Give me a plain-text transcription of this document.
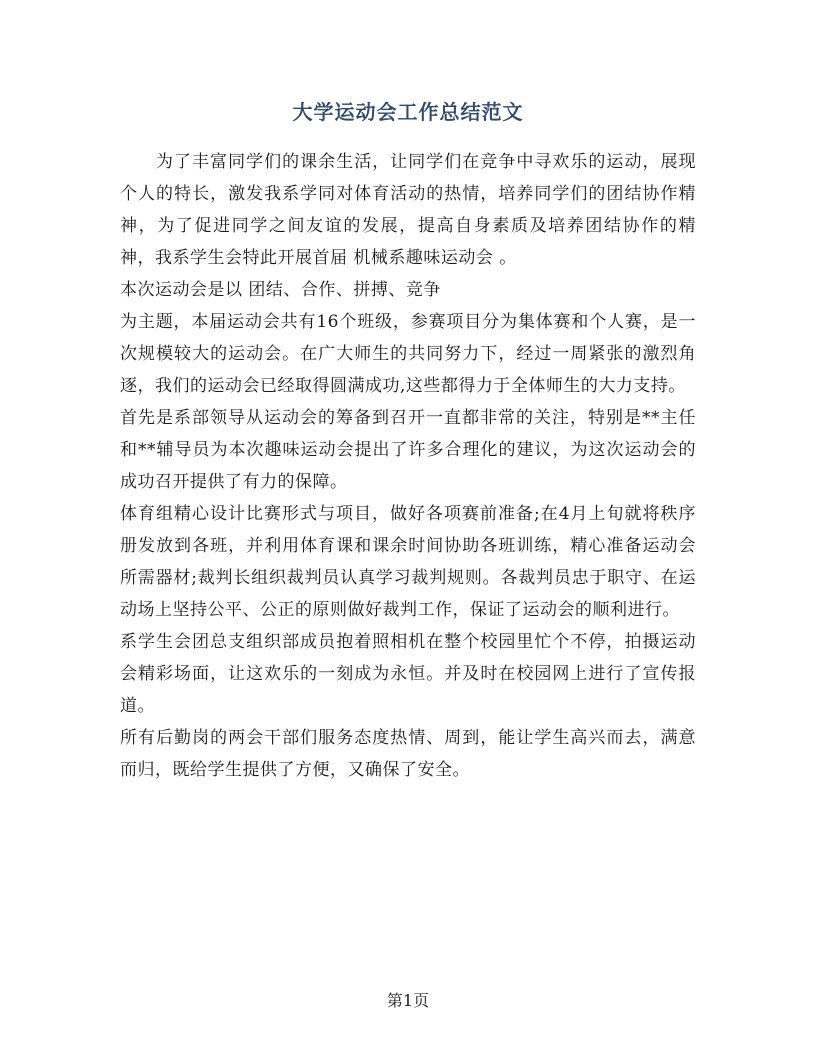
大学运动会工作总结范文

为了丰富同学们的课余生活，让同学们在竞争中寻欢乐的运动，展现个人的特长，激发我系学同对体育活动的热情，培养同学们的团结协作精神，为了促进同学之间友谊的发展，提高自身素质及培养团结协作的精神，我系学生会特此开展首届 机械系趣味运动会 。

本次运动会是以 团结、合作、拼搏、竞争

为主题，本届运动会共有16个班级，参赛项目分为集体赛和个人赛，是一次规模较大的运动会。在广大师生的共同努力下，经过一周紧张的激烈角逐，我们的运动会已经取得圆满成功,这些都得力于全体师生的大力支持。

首先是系部领导从运动会的筹备到召开一直都非常的关注，特别是**主任和**辅导员为本次趣味运动会提出了许多合理化的建议，为这次运动会的成功召开提供了有力的保障。

体育组精心设计比赛形式与项目，做好各项赛前准备;在4月上旬就将秩序册发放到各班，并利用体育课和课余时间协助各班训练，精心准备运动会所需器材;裁判长组织裁判员认真学习裁判规则。各裁判员忠于职守、在运动场上坚持公平、公正的原则做好裁判工作，保证了运动会的顺利进行。

系学生会团总支组织部成员抱着照相机在整个校园里忙个不停，拍摄运动会精彩场面，让这欢乐的一刻成为永恒。并及时在校园网上进行了宣传报道。

所有后勤岗的两会干部们服务态度热情、周到，能让学生高兴而去，满意而归，既给学生提供了方便，又确保了安全。

第1页
